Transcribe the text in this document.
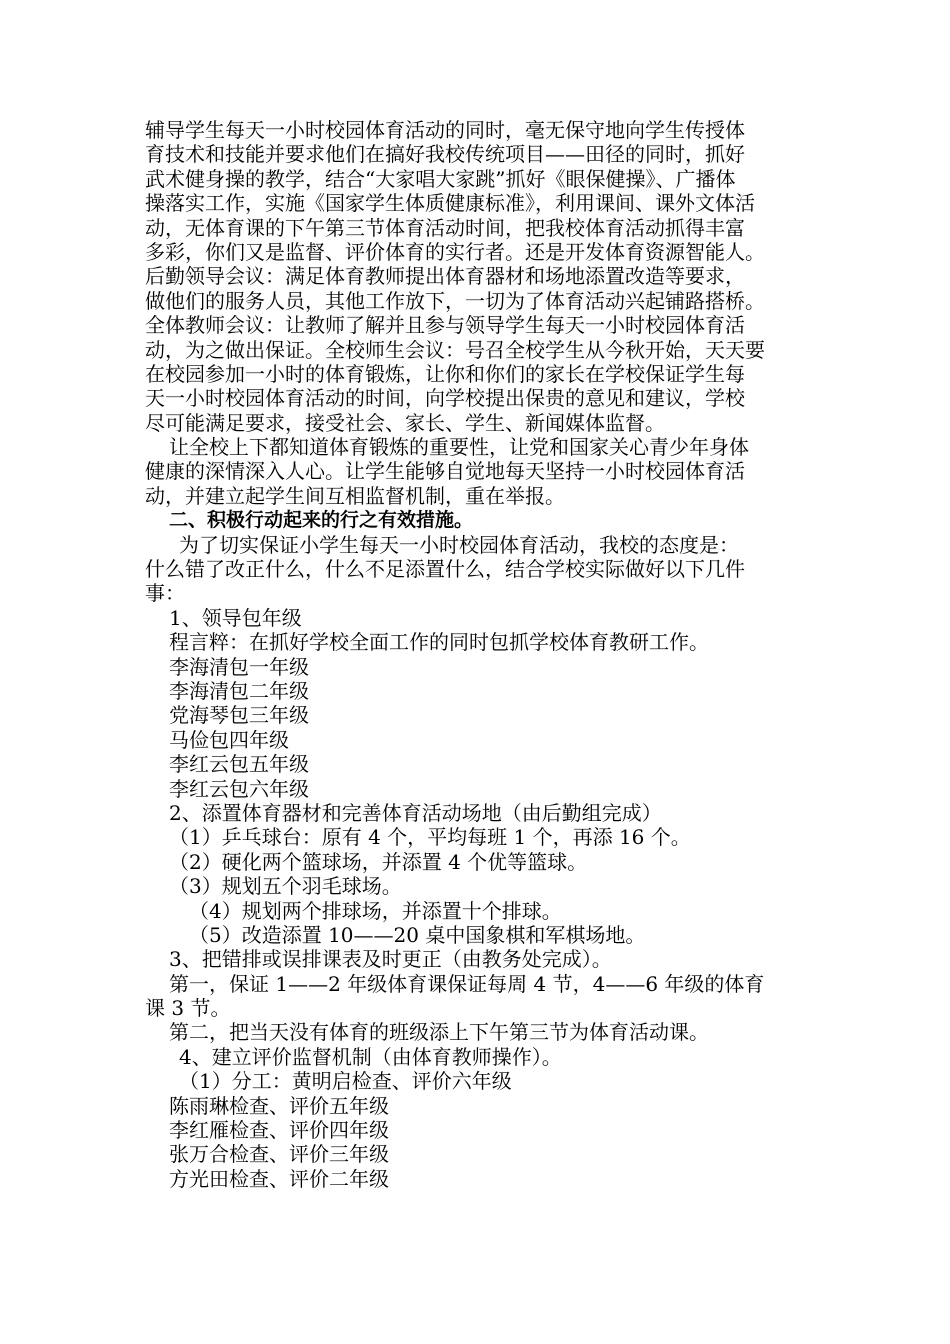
辅导学生每天一小时校园体育活动的同时，毫无保守地向学生传授体
育技术和技能并要求他们在搞好我校传统项目——田径的同时，抓好
武术健身操的教学，结合“大家唱大家跳”抓好《眼保健操》、广播体
操落实工作，实施《国家学生体质健康标准》，利用课间、课外文体活
动，无体育课的下午第三节体育活动时间，把我校体育活动抓得丰富
多彩，你们又是监督、评价体育的实行者。还是开发体育资源智能人。
后勤领导会议：满足体育教师提出体育器材和场地添置改造等要求，
做他们的服务人员，其他工作放下，一切为了体育活动兴起铺路搭桥。
全体教师会议：让教师了解并且参与领导学生每天一小时校园体育活
动，为之做出保证。全校师生会议：号召全校学生从今秋开始，天天要
在校园参加一小时的体育锻炼，让你和你们的家长在学校保证学生每
天一小时校园体育活动的时间，向学校提出保贵的意见和建议，学校
尽可能满足要求，接受社会、家长、学生、新闻媒体监督。
让全校上下都知道体育锻炼的重要性，让党和国家关心青少年身体
健康的深情深入人心。让学生能够自觉地每天坚持一小时校园体育活
动，并建立起学生间互相监督机制，重在举报。
二、积极行动起来的行之有效措施。
为了切实保证小学生每天一小时校园体育活动，我校的态度是：
什么错了改正什么，什么不足添置什么，结合学校实际做好以下几件
事：
1、领导包年级
程言粹：在抓好学校全面工作的同时包抓学校体育教研工作。
李海清包一年级
李海清包二年级
党海琴包三年级
马俭包四年级
李红云包五年级
李红云包六年级
2、添置体育器材和完善体育活动场地（由后勤组完成）
（1）乒乓球台：原有 4 个，平均每班 1 个，再添 16 个。
（2）硬化两个篮球场，并添置 4 个优等篮球。
（3）规划五个羽毛球场。
（4）规划两个排球场，并添置十个排球。
（5）改造添置 10——20 桌中国象棋和军棋场地。
3、把错排或误排课表及时更正（由教务处完成）。
第一，保证 1——2 年级体育课保证每周 4 节，4——6 年级的体育
课 3 节。
第二，把当天没有体育的班级添上下午第三节为体育活动课。
4、建立评价监督机制（由体育教师操作）。
（1）分工：黄明启检查、评价六年级
陈雨琳检查、评价五年级
李红雁检查、评价四年级
张万合检查、评价三年级
方光田检查、评价二年级
